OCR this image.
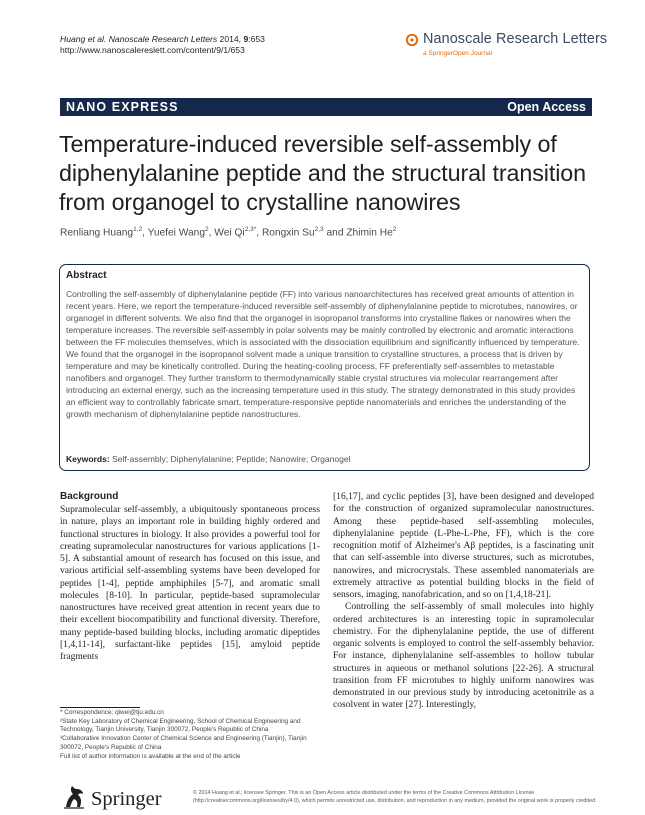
Huang et al. Nanoscale Research Letters 2014, 9:653
http://www.nanoscalereslett.com/content/9/1/653
Nanoscale Research Letters
a SpringerOpen Journal
NANO EXPRESS	Open Access
Temperature-induced reversible self-assembly of diphenylalanine peptide and the structural transition from organogel to crystalline nanowires
Renliang Huang$^{1,2}$, Yuefei Wang$^2$, Wei $Qi^{2,3*}$, Rongxin Su$^{2,3}$ and Zhimin He$^2$
Abstract

Controlling the self-assembly of diphenylalanine peptide (FF) into various nanoarchitectures has received great amounts of attention in recent years. Here, we report the temperature-induced reversible self-assembly of diphenylalanine peptide to microtubes, nanowires, or organogel in different solvents. We also find that the organogel in isopropanol transforms into crystalline flakes or nanowires when the temperature increases. The reversible self-assembly in polar solvents may be mainly controlled by electronic and aromatic interactions between the FF molecules themselves, which is associated with the dissociation equilibrium and significantly influenced by temperature. We found that the organogel in the isopropanol solvent made a unique transition to crystalline structures, a process that is driven by temperature and may be kinetically controlled. During the heating-cooling process, FF preferentially self-assembles to metastable nanofibers and organogel. They further transform to thermodynamically stable crystal structures via molecular rearrangement after introducing an external energy, such as the increasing temperature used in this study. The strategy demonstrated in this study provides an efficient way to controllably fabricate smart, temperature-responsive peptide nanomaterials and enriches the understanding of the growth mechanism of diphenylalanine peptide nanostructures.

Keywords: Self-assembly; Diphenylalanine; Peptide; Nanowire; Organogel
Background

Supramolecular self-assembly, a ubiquitously spontaneous process in nature, plays an important role in building highly ordered and functional structures in biology. It also provides a powerful tool for creating supramolecular nanostructures for various applications [1-5]. A substantial amount of research has focused on this issue, and various artificial self-assembling systems have been developed for peptides [1-4], peptide amphiphiles [5-7], and aromatic small molecules [8-10]. In particular, peptide-based supramolecular nanostructures have received great attention in recent years due to their excellent biocompatibility and functional diversity. Therefore, many peptide-based building blocks, including aromatic dipeptides [1,4,11-14], surfactant-like peptides [15], amyloid peptide fragments

[16,17], and cyclic peptides [3], have been designed and developed for the construction of organized supramolecular nanostructures. Among these peptide-based self-assembling molecules, diphenylalanine peptide (L-Phe-L-Phe, FF), which is the core recognition motif of Alzheimer's Aβ peptides, is a fascinating unit that can self-assemble into diverse structures, such as microtubes, nanowires, and microcrystals. These assembled nanomaterials are extremely attractive as potential building blocks in the field of sensors, imaging, nanofabrication, and so on [1,4,18-21].

Controlling the self-assembly of small molecules into highly ordered architectures is an interesting topic in supramolecular chemistry. For the diphenylalanine peptide, the use of different organic solvents is employed to control the self-assembly behavior. For instance, diphenylalanine self-assembles to hollow tubular structures in aqueous or methanol solutions [22-26]. A structural transition from FF microtubes to highly uniform nanowires was demonstrated in our previous study by introducing acetonitrile as a cosolvent in water [27]. Interestingly,

* Correspondence: qiwei@tju.edu.cn

²State Key Laboratory of Chemical Engineering, School of Chemical Engineering and Technology, Tianjin University, Tianjin 300072, People's Republic of China

³Collaborative Innovation Center of Chemical Science and Engineering (Tianjin), Tianjin 300072, People's Republic of China

Full list of author information is available at the end of the article

Springer	© 2014 Huang et al.; licensee Springer. This is an Open Access article distributed under the terms of the Creative Commons Attribution License (http://creativecommons.org/licenses/by/4.0), which permits unrestricted use, distribution, and reproduction in any medium, provided the original work is properly credited.
